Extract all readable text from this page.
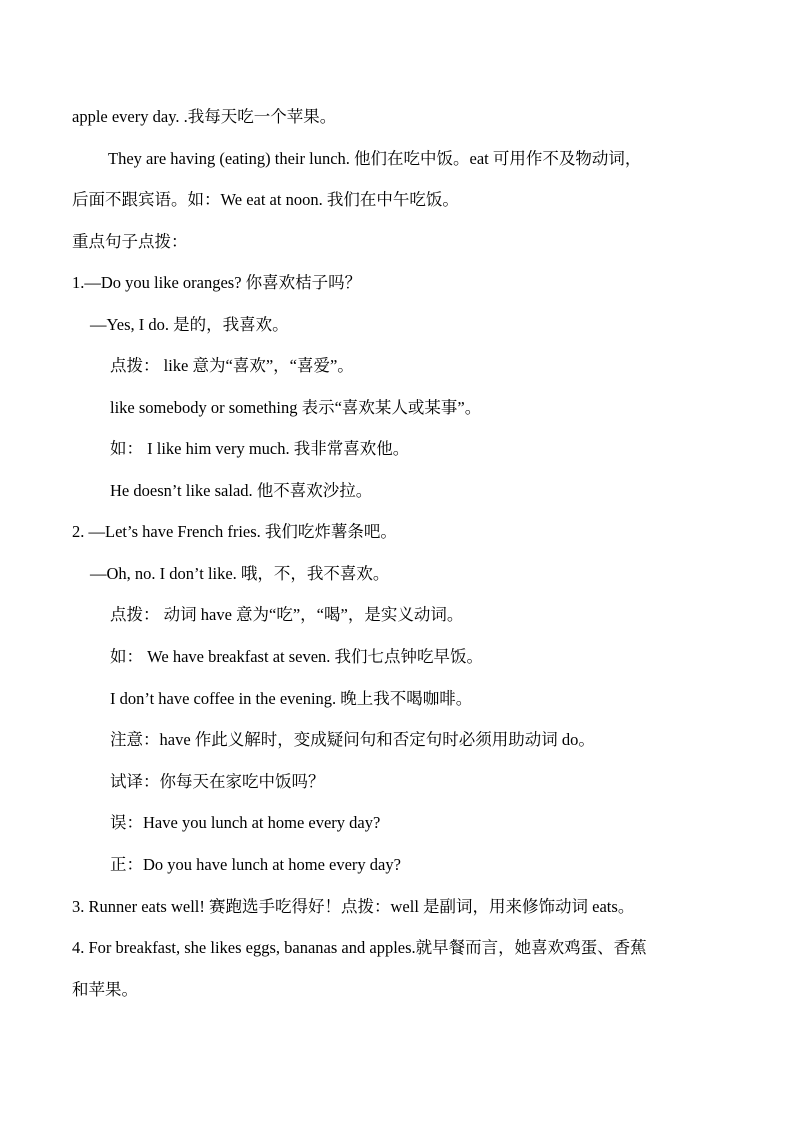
apple every day. .我每天吃一个苹果。
They are having (eating) their lunch. 他们在吃中饭。eat 可用作不及物动词，
后面不跟宾语。如：We eat at noon. 我们在中午吃饭。
重点句子点拨：
1.—Do you like oranges? 你喜欢桔子吗？
—Yes, I do. 是的，我喜欢。
点拨： like 意为“喜欢”，“喜爱”。
like somebody or something 表示“喜欢某人或某事”。
如： I like him very much. 我非常喜欢他。
He doesn’t like salad. 他不喜欢沙拉。
2. —Let’s have French fries. 我们吃炸薯条吧。
—Oh, no. I don’t like. 哦，不，我不喜欢。
点拨： 动词 have 意为“吃”，“喝”，是实义动词。
如： We have breakfast at seven. 我们七点钟吃早饭。
I don’t have coffee in the evening. 晚上我不喝咖啡。
注意：have 作此义解时，变成疑问句和否定句时必须用助动词 do。
试译：你每天在家吃中饭吗？
误：Have you lunch at home every day?
正：Do you have lunch at home every day?
3. Runner eats well! 赛跑选手吃得好！点拨：well 是副词，用来修饰动词 eats。
4. For breakfast, she likes eggs, bananas and apples.就早餐而言，她喜欢鸡蛋、香蕉
和苹果。
